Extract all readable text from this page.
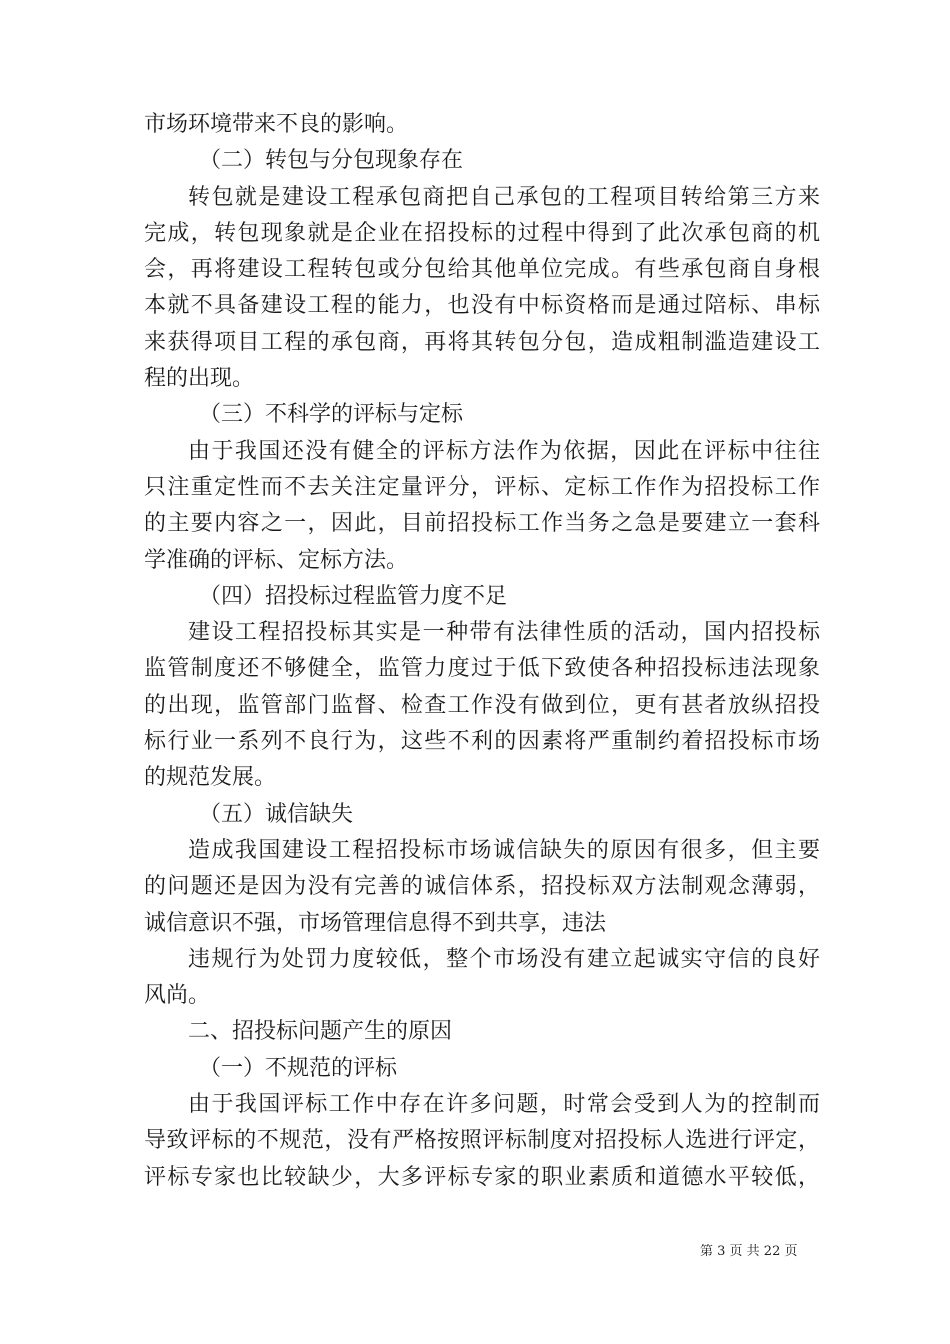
市场环境带来不良的影响。
（二）转包与分包现象存在
转包就是建设工程承包商把自己承包的工程项目转给第三方来
完成，转包现象就是企业在招投标的过程中得到了此次承包商的机
会，再将建设工程转包或分包给其他单位完成。有些承包商自身根
本就不具备建设工程的能力，也没有中标资格而是通过陪标、串标
来获得项目工程的承包商，再将其转包分包，造成粗制滥造建设工
程的出现。
（三）不科学的评标与定标
由于我国还没有健全的评标方法作为依据，因此在评标中往往
只注重定性而不去关注定量评分，评标、定标工作作为招投标工作
的主要内容之一，因此，目前招投标工作当务之急是要建立一套科
学准确的评标、定标方法。
（四）招投标过程监管力度不足
建设工程招投标其实是一种带有法律性质的活动，国内招投标
监管制度还不够健全，监管力度过于低下致使各种招投标违法现象
的出现，监管部门监督、检查工作没有做到位，更有甚者放纵招投
标行业一系列不良行为，这些不利的因素将严重制约着招投标市场
的规范发展。
（五）诚信缺失
造成我国建设工程招投标市场诚信缺失的原因有很多，但主要
的问题还是因为没有完善的诚信体系，招投标双方法制观念薄弱，
诚信意识不强，市场管理信息得不到共享，违法
违规行为处罚力度较低，整个市场没有建立起诚实守信的良好
风尚。
二、招投标问题产生的原因
（一）不规范的评标
由于我国评标工作中存在许多问题，时常会受到人为的控制而
导致评标的不规范，没有严格按照评标制度对招投标人选进行评定，
评标专家也比较缺少，大多评标专家的职业素质和道德水平较低，
第 3 页 共 22 页
